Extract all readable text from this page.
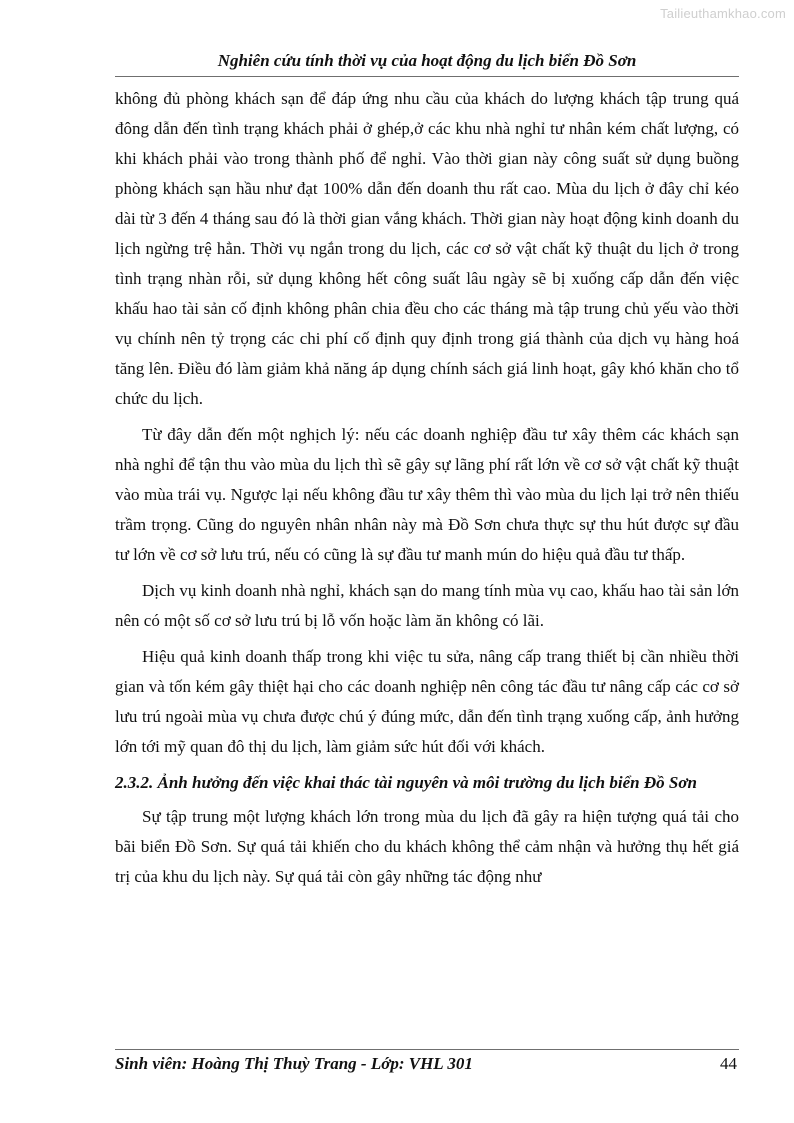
Tailieuthamkhao.com
Nghiên cứu tính thời vụ của hoạt động du lịch biển Đồ Sơn

không đủ phòng khách sạn để đáp ứng nhu cầu của khách do lượng khách tập trung quá đông dẫn đến tình trạng khách phải ở ghép,ở các khu nhà nghỉ tư nhân kém chất lượng, có khi khách phải vào trong thành phố để nghỉ. Vào thời gian này công suất sử dụng buồng phòng khách sạn hầu như đạt 100% dẫn đến doanh thu rất cao. Mùa du lịch ở đây chỉ kéo dài từ 3 đến 4 tháng sau đó là thời gian vắng khách. Thời gian này hoạt động kinh doanh du lịch ngừng trệ hẳn. Thời vụ ngắn trong du lịch, các cơ sở vật chất kỹ thuật du lịch ở trong tình trạng nhàn rỗi, sử dụng không hết công suất lâu ngày sẽ bị xuống cấp dẫn đến việc khấu hao tài sản cố định không phân chia đều cho các tháng mà tập trung chủ yếu vào thời vụ chính nên tỷ trọng các chi phí cố định quy định trong giá thành của dịch vụ hàng hoá tăng lên. Điều đó làm giảm khả năng áp dụng chính sách giá linh hoạt, gây khó khăn cho tổ chức du lịch.

Từ đây dẫn đến một nghịch lý: nếu các doanh nghiệp đầu tư xây thêm các khách sạn nhà nghỉ để tận thu vào mùa du lịch thì sẽ gây sự lãng phí rất lớn về cơ sở vật chất kỹ thuật vào mùa trái vụ. Ngược lại nếu không đầu tư xây thêm thì vào mùa du lịch lại trở nên thiếu trầm trọng. Cũng do nguyên nhân nhân này mà Đồ Sơn chưa thực sự thu hút được sự đầu tư lớn về cơ sở lưu trú, nếu có cũng là sự đầu tư manh mún do hiệu quả đầu tư thấp.

Dịch vụ kinh doanh nhà nghỉ, khách sạn do mang tính mùa vụ cao, khấu hao tài sản lớn nên có một số cơ sở lưu trú bị lỗ vốn hoặc làm ăn không có lãi.

Hiệu quả kinh doanh thấp trong khi việc tu sửa, nâng cấp trang thiết bị cần nhiều thời gian và tốn kém gây thiệt hại cho các doanh nghiệp nên công tác đầu tư nâng cấp các cơ sở lưu trú ngoài mùa vụ chưa được chú ý đúng mức, dẫn đến tình trạng xuống cấp, ảnh hưởng lớn tới mỹ quan đô thị du lịch, làm giảm sức hút đối với khách.

2.3.2. Ảnh hưởng đến việc khai thác tài nguyên và môi trường du lịch biển Đồ Sơn

Sự tập trung một lượng khách lớn trong mùa du lịch đã gây ra hiện tượng quá tải cho bãi biển Đồ Sơn. Sự quá tải khiến cho du khách không thể cảm nhận và hưởng thụ hết giá trị của khu du lịch này. Sự quá tải còn gây những tác động như

Sinh viên: Hoàng Thị Thuỳ Trang - Lớp: VHL 301	44
